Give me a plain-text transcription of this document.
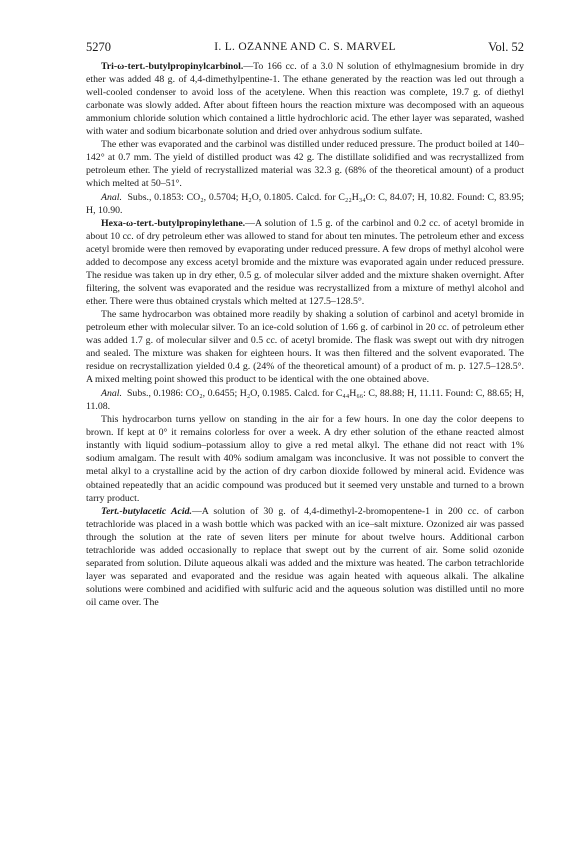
5270	I. L. OZANNE AND C. S. MARVEL	Vol. 52

Tri-ω-tert.-butylpropinylcarbinol.—To 166 cc. of a 3.0 N solution of ethylmagnesium bromide in dry ether was added 48 g. of 4,4-dimethylpentine-1. The ethane generated by the reaction was led out through a well-cooled condenser to avoid loss of the acetylene. When this reaction was complete, 19.7 g. of diethyl carbonate was slowly added. After about fifteen hours the reaction mixture was decomposed with an aqueous ammonium chloride solution which contained a little hydrochloric acid. The ether layer was separated, washed with water and sodium bicarbonate solution and dried over anhydrous sodium sulfate.

The ether was evaporated and the carbinol was distilled under reduced pressure. The product boiled at 140–142° at 0.7 mm. The yield of distilled product was 42 g. The distillate solidified and was recrystallized from petroleum ether. The yield of recrystallized material was 32.3 g. (68% of the theoretical amount) of a product which melted at 50–51°.

Anal. Subs., 0.1853: CO₂, 0.5704; H₂O, 0.1805. Calcd. for C₂₂H₃₄O: C, 84.07; H, 10.82. Found: C, 83.95; H, 10.90.

Hexa-ω-tert.-butylpropinylethane.—A solution of 1.5 g. of the carbinol and 0.2 cc. of acetyl bromide in about 10 cc. of dry petroleum ether was allowed to stand for about ten minutes. The petroleum ether and excess acetyl bromide were then removed by evaporating under reduced pressure. A few drops of methyl alcohol were added to decompose any excess acetyl bromide and the mixture was evaporated again under reduced pressure. The residue was taken up in dry ether, 0.5 g. of molecular silver added and the mixture shaken overnight. After filtering, the solvent was evaporated and the residue was recrystallized from a mixture of methyl alcohol and ether. There were thus obtained crystals which melted at 127.5–128.5°.

The same hydrocarbon was obtained more readily by shaking a solution of carbinol and acetyl bromide in petroleum ether with molecular silver. To an ice-cold solution of 1.66 g. of carbinol in 20 cc. of petroleum ether was added 1.7 g. of molecular silver and 0.5 cc. of acetyl bromide. The flask was swept out with dry nitrogen and sealed. The mixture was shaken for eighteen hours. It was then filtered and the solvent evaporated. The residue on recrystallization yielded 0.4 g. (24% of the theoretical amount) of a product of m. p. 127.5–128.5°. A mixed melting point showed this product to be identical with the one obtained above.

Anal. Subs., 0.1986: CO₂, 0.6455; H₂O, 0.1985. Calcd. for C₄₄H₆₆: C, 88.88; H, 11.11. Found: C, 88.65; H, 11.08.

This hydrocarbon turns yellow on standing in the air for a few hours. In one day the color deepens to brown. If kept at 0° it remains colorless for over a week. A dry ether solution of the ethane reacted almost instantly with liquid sodium–potassium alloy to give a red metal alkyl. The ethane did not react with 1% sodium amalgam. The result with 40% sodium amalgam was inconclusive. It was not possible to convert the metal alkyl to a crystalline acid by the action of dry carbon dioxide followed by mineral acid. Evidence was obtained repeatedly that an acidic compound was produced but it seemed very unstable and turned to a brown tarry product.

Tert.-butylacetic Acid.—A solution of 30 g. of 4,4-dimethyl-2-bromopentene-1 in 200 cc. of carbon tetrachloride was placed in a wash bottle which was packed with an ice–salt mixture. Ozonized air was passed through the solution at the rate of seven liters per minute for about twelve hours. Additional carbon tetrachloride was added occasionally to replace that swept out by the current of air. Some solid ozonide separated from solution. Dilute aqueous alkali was added and the mixture was heated. The carbon tetrachloride layer was separated and evaporated and the residue was again heated with aqueous alkali. The alkaline solutions were combined and acidified with sulfuric acid and the aqueous solution was distilled until no more oil came over. The
